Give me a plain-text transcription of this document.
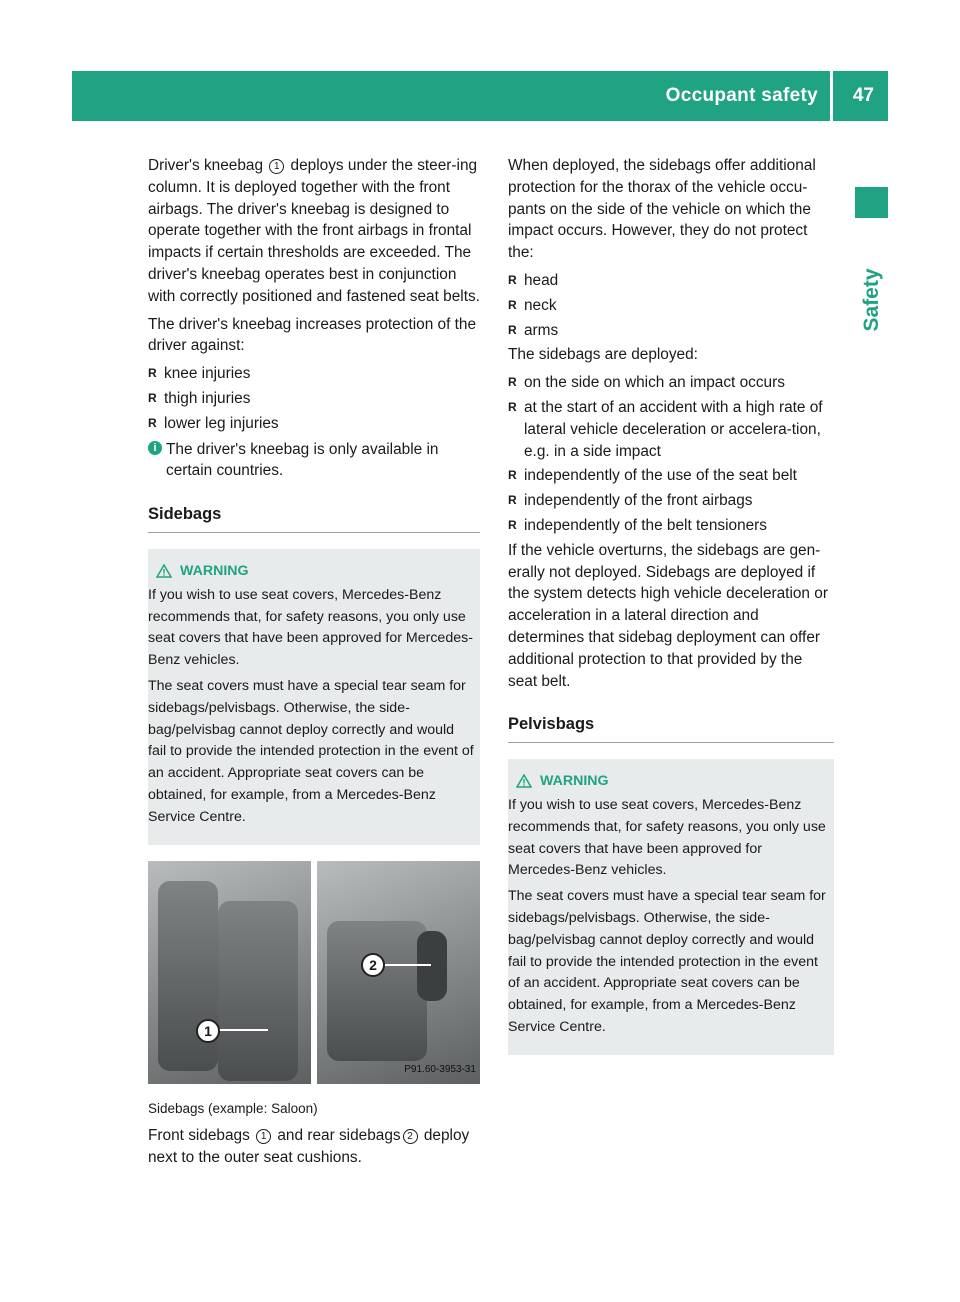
Occupant safety 47
Safety
Driver's kneebag 1 deploys under the steer-ing column. It is deployed together with the front airbags. The driver's kneebag is designed to operate together with the front airbags in frontal impacts if certain thresholds are exceeded. The driver's kneebag operates best in conjunction with correctly positioned and fastened seat belts.
The driver's kneebag increases protection of the driver against:
R knee injuries
R thigh injuries
R lower leg injuries
i The driver's kneebag is only available in certain countries.
Sidebags
WARNING
If you wish to use seat covers, Mercedes-Benz recommends that, for safety reasons, you only use seat covers that have been approved for Mercedes-Benz vehicles.
The seat covers must have a special tear seam for sidebags/pelvisbags. Otherwise, the side-bag/pelvisbag cannot deploy correctly and would fail to provide the intended protection in the event of an accident. Appropriate seat covers can be obtained, for example, from a Mercedes-Benz Service Centre.
1
2
P91.60-3953-31
Sidebags (example: Saloon)
Front sidebags 1 and rear sidebags 2 deploy next to the outer seat cushions.
When deployed, the sidebags offer additional protection for the thorax of the vehicle occu-pants on the side of the vehicle on which the impact occurs. However, they do not protect the:
R head
R neck
R arms
The sidebags are deployed:
R on the side on which an impact occurs
R at the start of an accident with a high rate of lateral vehicle deceleration or accelera-tion, e.g. in a side impact
R independently of the use of the seat belt
R independently of the front airbags
R independently of the belt tensioners
If the vehicle overturns, the sidebags are gen-erally not deployed. Sidebags are deployed if the system detects high vehicle deceleration or acceleration in a lateral direction and determines that sidebag deployment can offer additional protection to that provided by the seat belt.
Pelvisbags
WARNING
If you wish to use seat covers, Mercedes-Benz recommends that, for safety reasons, you only use seat covers that have been approved for Mercedes-Benz vehicles.
The seat covers must have a special tear seam for sidebags/pelvisbags. Otherwise, the side-bag/pelvisbag cannot deploy correctly and would fail to provide the intended protection in the event of an accident. Appropriate seat covers can be obtained, for example, from a Mercedes-Benz Service Centre.
